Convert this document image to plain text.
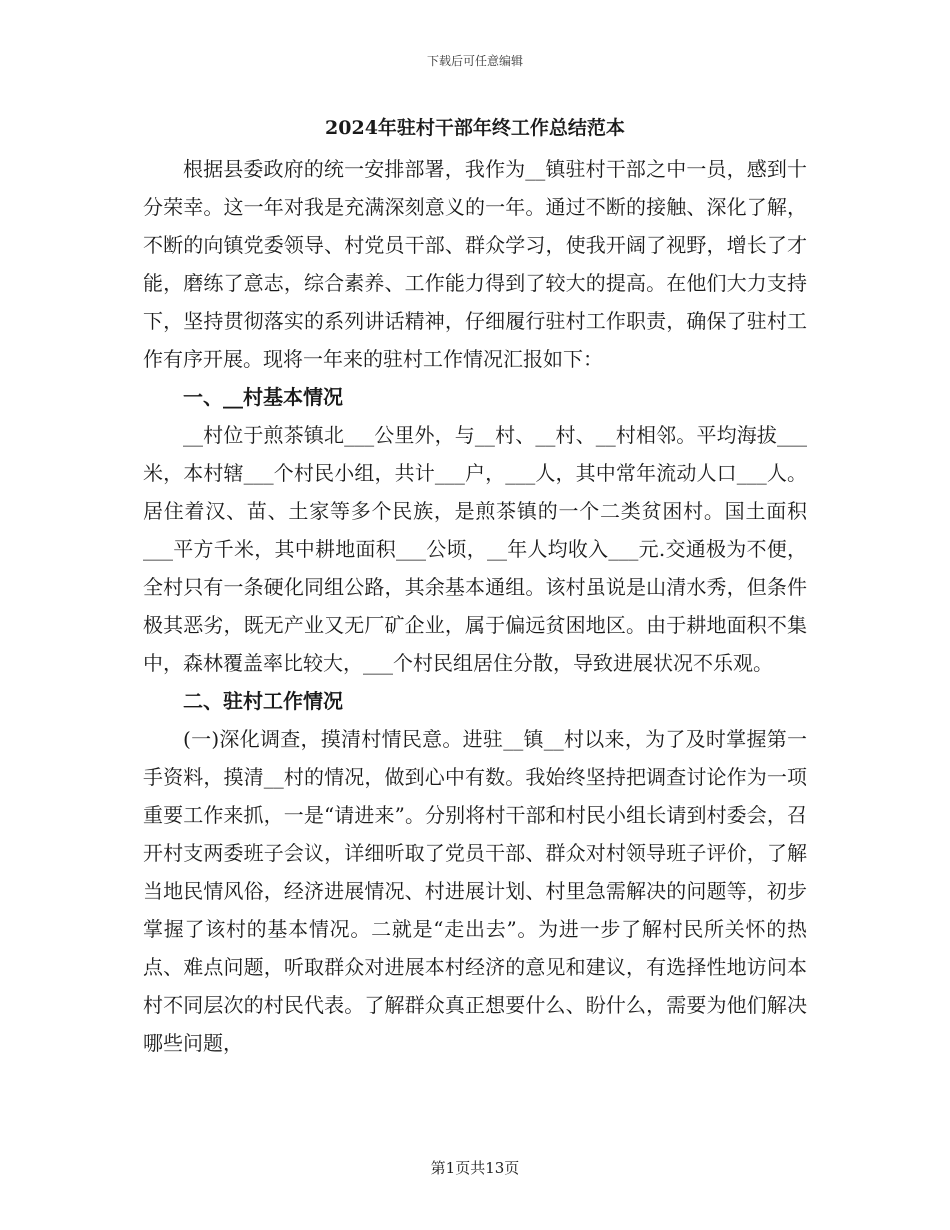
下载后可任意编辑
2024年驻村干部年终工作总结范本

根据县委政府的统一安排部署，我作为__镇驻村干部之中一员，感到十分荣幸。这一年对我是充满深刻意义的一年。通过不断的接触、深化了解，不断的向镇党委领导、村党员干部、群众学习，使我开阔了视野，增长了才能，磨练了意志，综合素养、工作能力得到了较大的提高。在他们大力支持下，坚持贯彻落实的系列讲话精神，仔细履行驻村工作职责，确保了驻村工作有序开展。现将一年来的驻村工作情况汇报如下：

一、__村基本情况

__村位于煎茶镇北___公里外，与__村、__村、__村相邻。平均海拔___米，本村辖___个村民小组，共计___户，___人，其中常年流动人口___人。居住着汉、苗、土家等多个民族，是煎茶镇的一个二类贫困村。国土面积___平方千米，其中耕地面积___公顷，__年人均收入___元.交通极为不便，全村只有一条硬化同组公路，其余基本通组。该村虽说是山清水秀，但条件极其恶劣，既无产业又无厂矿企业，属于偏远贫困地区。由于耕地面积不集中，森林覆盖率比较大，___个村民组居住分散，导致进展状况不乐观。

二、驻村工作情况

(一)深化调查，摸清村情民意。进驻__镇__村以来，为了及时掌握第一手资料，摸清__村的情况，做到心中有数。我始终坚持把调查讨论作为一项重要工作来抓，一是“请进来”。分别将村干部和村民小组长请到村委会，召开村支两委班子会议，详细听取了党员干部、群众对村领导班子评价，了解当地民情风俗，经济进展情况、村进展计划、村里急需解决的问题等，初步掌握了该村的基本情况。二就是“走出去”。为进一步了解村民所关怀的热点、难点问题，听取群众对进展本村经济的意见和建议，有选择性地访问本村不同层次的村民代表。了解群众真正想要什么、盼什么，需要为他们解决哪些问题，

第1页共13页
